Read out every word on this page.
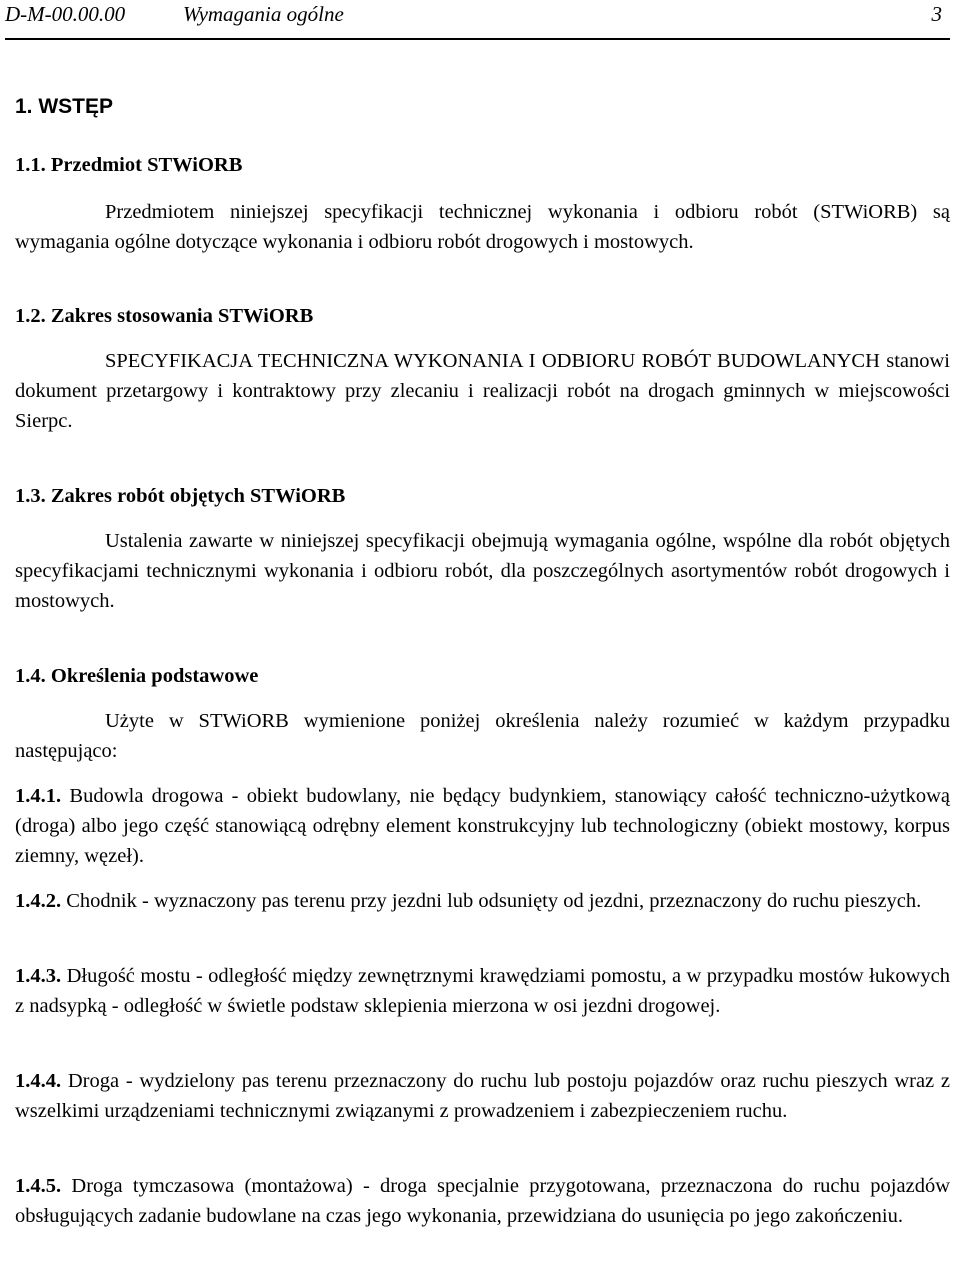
D-M-00.00.00	Wymagania ogólne	3
1. WSTĘP
1.1. Przedmiot STWiORB
Przedmiotem niniejszej specyfikacji technicznej wykonania i odbioru robót (STWiORB) są wymagania ogólne dotyczące wykonania i odbioru robót drogowych i mostowych.
1.2. Zakres stosowania STWiORB
SPECYFIKACJA TECHNICZNA WYKONANIA I ODBIORU ROBÓT BUDOWLANYCH stanowi dokument przetargowy i kontraktowy przy zlecaniu i realizacji robót na drogach gminnych w miejscowości Sierpc.
1.3. Zakres robót objętych STWiORB
Ustalenia zawarte w niniejszej specyfikacji obejmują wymagania ogólne, wspólne dla robót objętych specyfikacjami technicznymi wykonania i odbioru robót, dla poszczególnych asortymentów robót drogowych i mostowych.
1.4. Określenia podstawowe
Użyte w STWiORB wymienione poniżej określenia należy rozumieć w każdym przypadku następująco:
1.4.1. Budowla drogowa - obiekt budowlany, nie będący budynkiem, stanowiący całość techniczno-użytkową (droga) albo jego część stanowiącą odrębny element konstrukcyjny lub technologiczny (obiekt mostowy, korpus ziemny, węzeł).
1.4.2. Chodnik - wyznaczony pas terenu przy jezdni lub odsunięty od jezdni, przeznaczony do ruchu pieszych.
1.4.3. Długość mostu - odległość między zewnętrznymi krawędziami pomostu, a w przypadku mostów łukowych z nadsypką - odległość w świetle podstaw sklepienia mierzona w osi jezdni drogowej.
1.4.4. Droga - wydzielony pas terenu przeznaczony do ruchu lub postoju pojazdów oraz ruchu pieszych wraz z wszelkimi urządzeniami technicznymi związanymi z prowadzeniem i zabezpieczeniem ruchu.
1.4.5. Droga tymczasowa (montażowa) - droga specjalnie przygotowana, przeznaczona do ruchu pojazdów obsługujących zadanie budowlane na czas jego wykonania, przewidziana do usunięcia po jego zakończeniu.
